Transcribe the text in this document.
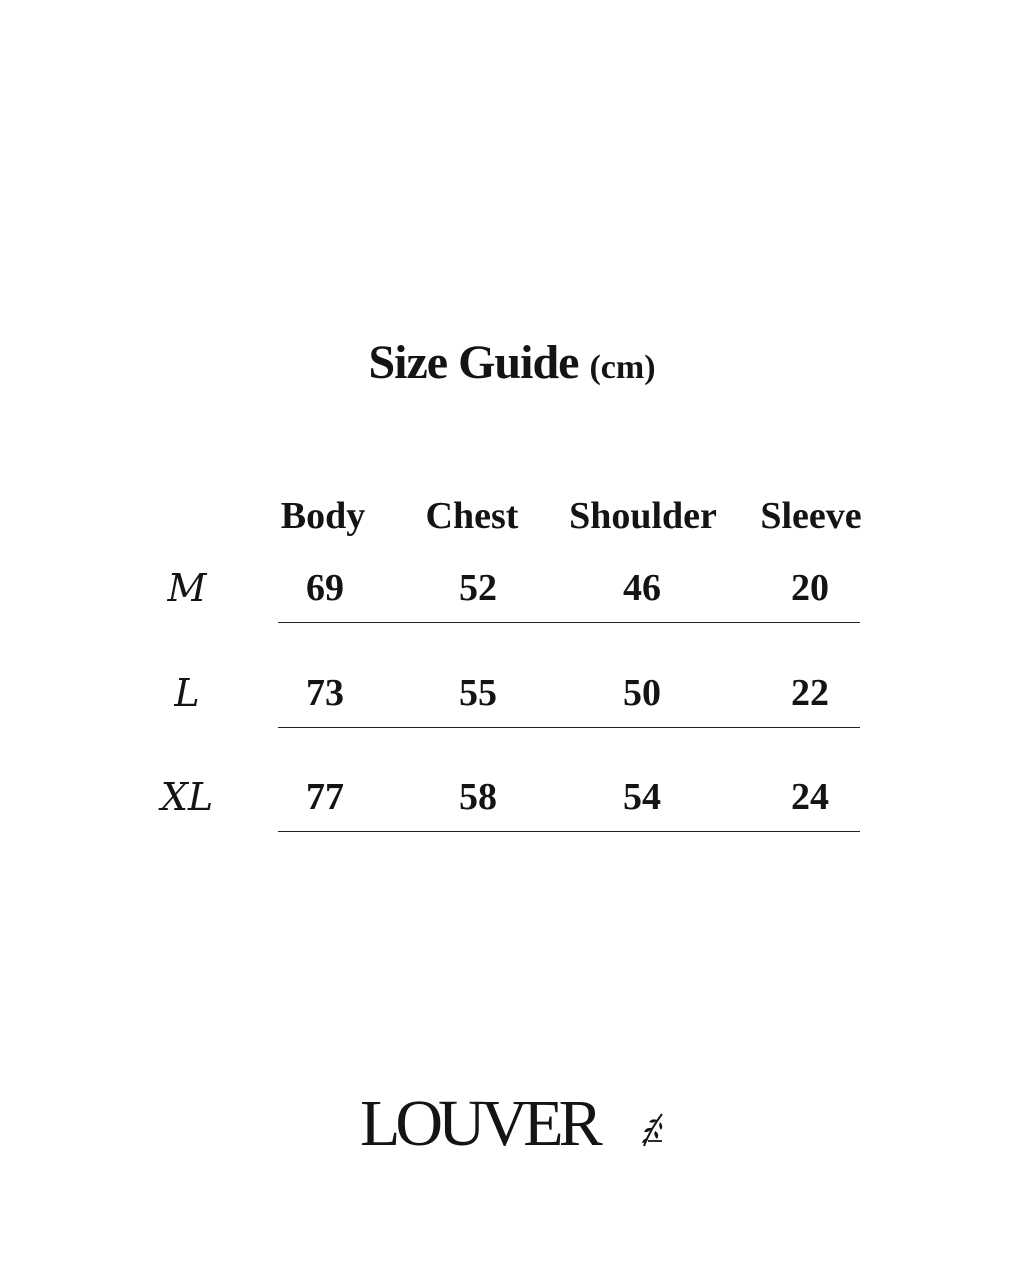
Size Guide (cm)
Body Chest Shoulder Sleeve
M	69	52	46	20
L	73	55	50	22
XL 77	58	54	24
LOUVER
